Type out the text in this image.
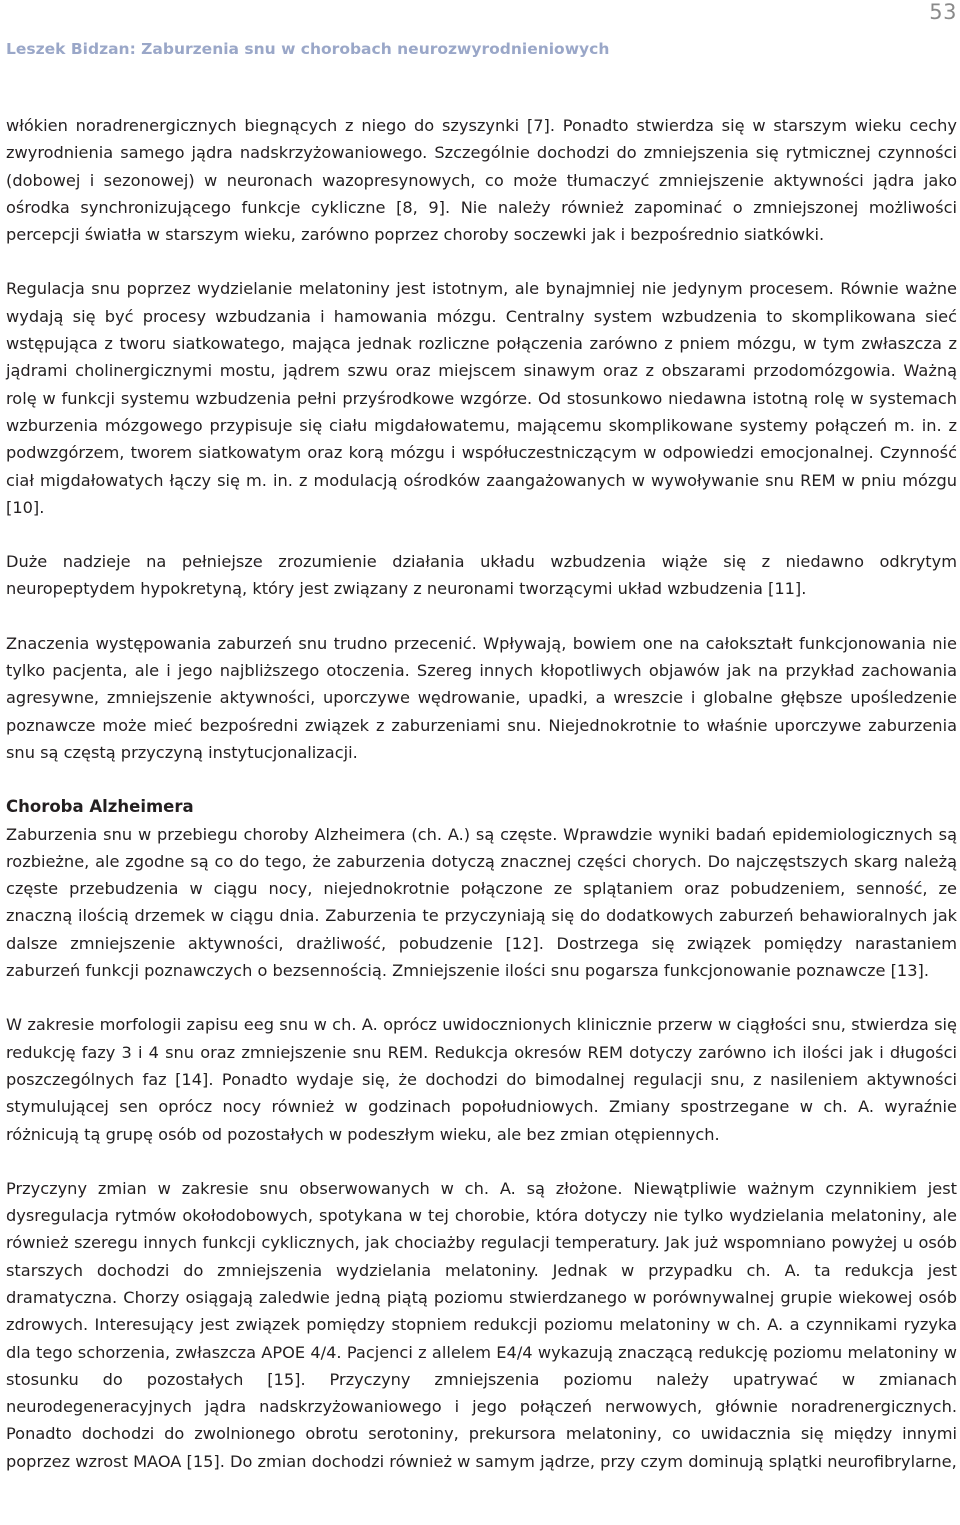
53
Leszek Bidzan: Zaburzenia snu w chorobach neurozwyrodnieniowych

włókien noradrenergicznych biegnących z niego do szyszynki [7]. Ponadto stwierdza się w starszym wieku cechy zwyrodnienia samego jądra nadskrzyżowaniowego. Szczególnie dochodzi do zmniejszenia się rytmicznej czynności (dobowej i sezonowej) w neuronach wazopresynowych, co może tłumaczyć zmniejszenie aktywności jądra jako ośrodka synchronizującego funkcje cykliczne [8, 9]. Nie należy również zapominać o zmniejszonej możliwości percepcji światła w starszym wieku, zarówno poprzez choroby soczewki jak i bezpośrednio siatkówki.

Regulacja snu poprzez wydzielanie melatoniny jest istotnym, ale bynajmniej nie jedynym procesem. Równie ważne wydają się być procesy wzbudzania i hamowania mózgu. Centralny system wzbudzenia to skomplikowana sieć wstępująca z tworu siatkowatego, mająca jednak rozliczne połączenia zarówno z pniem mózgu, w tym zwłaszcza z jądrami cholinergicznymi mostu, jądrem szwu oraz miejscem sinawym oraz z obszarami przodomózgowia. Ważną rolę w funkcji systemu wzbudzenia pełni przyśrodkowe wzgórze. Od stosunkowo niedawna istotną rolę w systemach wzburzenia mózgowego przypisuje się ciału migdałowatemu, mającemu skomplikowane systemy połączeń m. in. z podwzgórzem, tworem siatkowatym oraz korą mózgu i współuczestniczącym w odpowiedzi emocjonalnej. Czynność ciał migdałowatych łączy się m. in. z modulacją ośrodków zaangażowanych w wywoływanie snu REM w pniu mózgu [10].

Duże nadzieje na pełniejsze zrozumienie działania układu wzbudzenia wiąże się z niedawno odkrytym neuropeptydem hypokretyną, który jest związany z neuronami tworzącymi układ wzbudzenia [11].

Znaczenia występowania zaburzeń snu trudno przecenić. Wpływają, bowiem one na całokształt funkcjonowania nie tylko pacjenta, ale i jego najbliższego otoczenia. Szereg innych kłopotliwych objawów jak na przykład zachowania agresywne, zmniejszenie aktywności, uporczywe wędrowanie, upadki, a wreszcie i globalne głębsze upośledzenie poznawcze może mieć bezpośredni związek z zaburzeniami snu. Niejednokrotnie to właśnie uporczywe zaburzenia snu są częstą przyczyną instytucjonalizacji.

Choroba Alzheimera

Zaburzenia snu w przebiegu choroby Alzheimera (ch. A.) są częste. Wprawdzie wyniki badań epidemiologicznych są rozbieżne, ale zgodne są co do tego, że zaburzenia dotyczą znacznej części chorych. Do najczęstszych skarg należą częste przebudzenia w ciągu nocy, niejednokrotnie połączone ze splątaniem oraz pobudzeniem, senność, ze znaczną ilością drzemek w ciągu dnia. Zaburzenia te przyczyniają się do dodatkowych zaburzeń behawioralnych jak dalsze zmniejszenie aktywności, drażliwość, pobudzenie [12]. Dostrzega się związek pomiędzy narastaniem zaburzeń funkcji poznawczych o bezsennością. Zmniejszenie ilości snu pogarsza funkcjonowanie poznawcze [13].

W zakresie morfologii zapisu eeg snu w ch. A. oprócz uwidocznionych klinicznie przerw w ciągłości snu, stwierdza się redukcję fazy 3 i 4 snu oraz zmniejszenie snu REM. Redukcja okresów REM dotyczy zarówno ich ilości jak i długości poszczególnych faz [14]. Ponadto wydaje się, że dochodzi do bimodalnej regulacji snu, z nasileniem aktywności stymulującej sen oprócz nocy również w godzinach popołudniowych. Zmiany spostrzegane w ch. A. wyraźnie różnicują tą grupę osób od pozostałych w podeszłym wieku, ale bez zmian otępiennych.

Przyczyny zmian w zakresie snu obserwowanych w ch. A. są złożone. Niewątpliwie ważnym czynnikiem jest dysregulacja rytmów okołodobowych, spotykana w tej chorobie, która dotyczy nie tylko wydzielania melatoniny, ale również szeregu innych funkcji cyklicznych, jak chociażby regulacji temperatury. Jak już wspomniano powyżej u osób starszych dochodzi do zmniejszenia wydzielania melatoniny. Jednak w przypadku ch. A. ta redukcja jest dramatyczna. Chorzy osiągają zaledwie jedną piątą poziomu stwierdzanego w porównywalnej grupie wiekowej osób zdrowych. Interesujący jest związek pomiędzy stopniem redukcji poziomu melatoniny w ch. A. a czynnikami ryzyka dla tego schorzenia, zwłaszcza APOE 4/4. Pacjenci z allelem E4/4 wykazują znaczącą redukcję poziomu melatoniny w stosunku do pozostałych [15]. Przyczyny zmniejszenia poziomu należy upatrywać w zmianach neurodegeneracyjnych jądra nadskrzyżowaniowego i jego połączeń nerwowych, głównie noradrenergicznych. Ponadto dochodzi do zwolnionego obrotu serotoniny, prekursora melatoniny, co uwidacznia się między innymi poprzez wzrost MAOA [15]. Do zmian dochodzi również w samym jądrze, przy czym dominują splątki neurofibrylarne,
